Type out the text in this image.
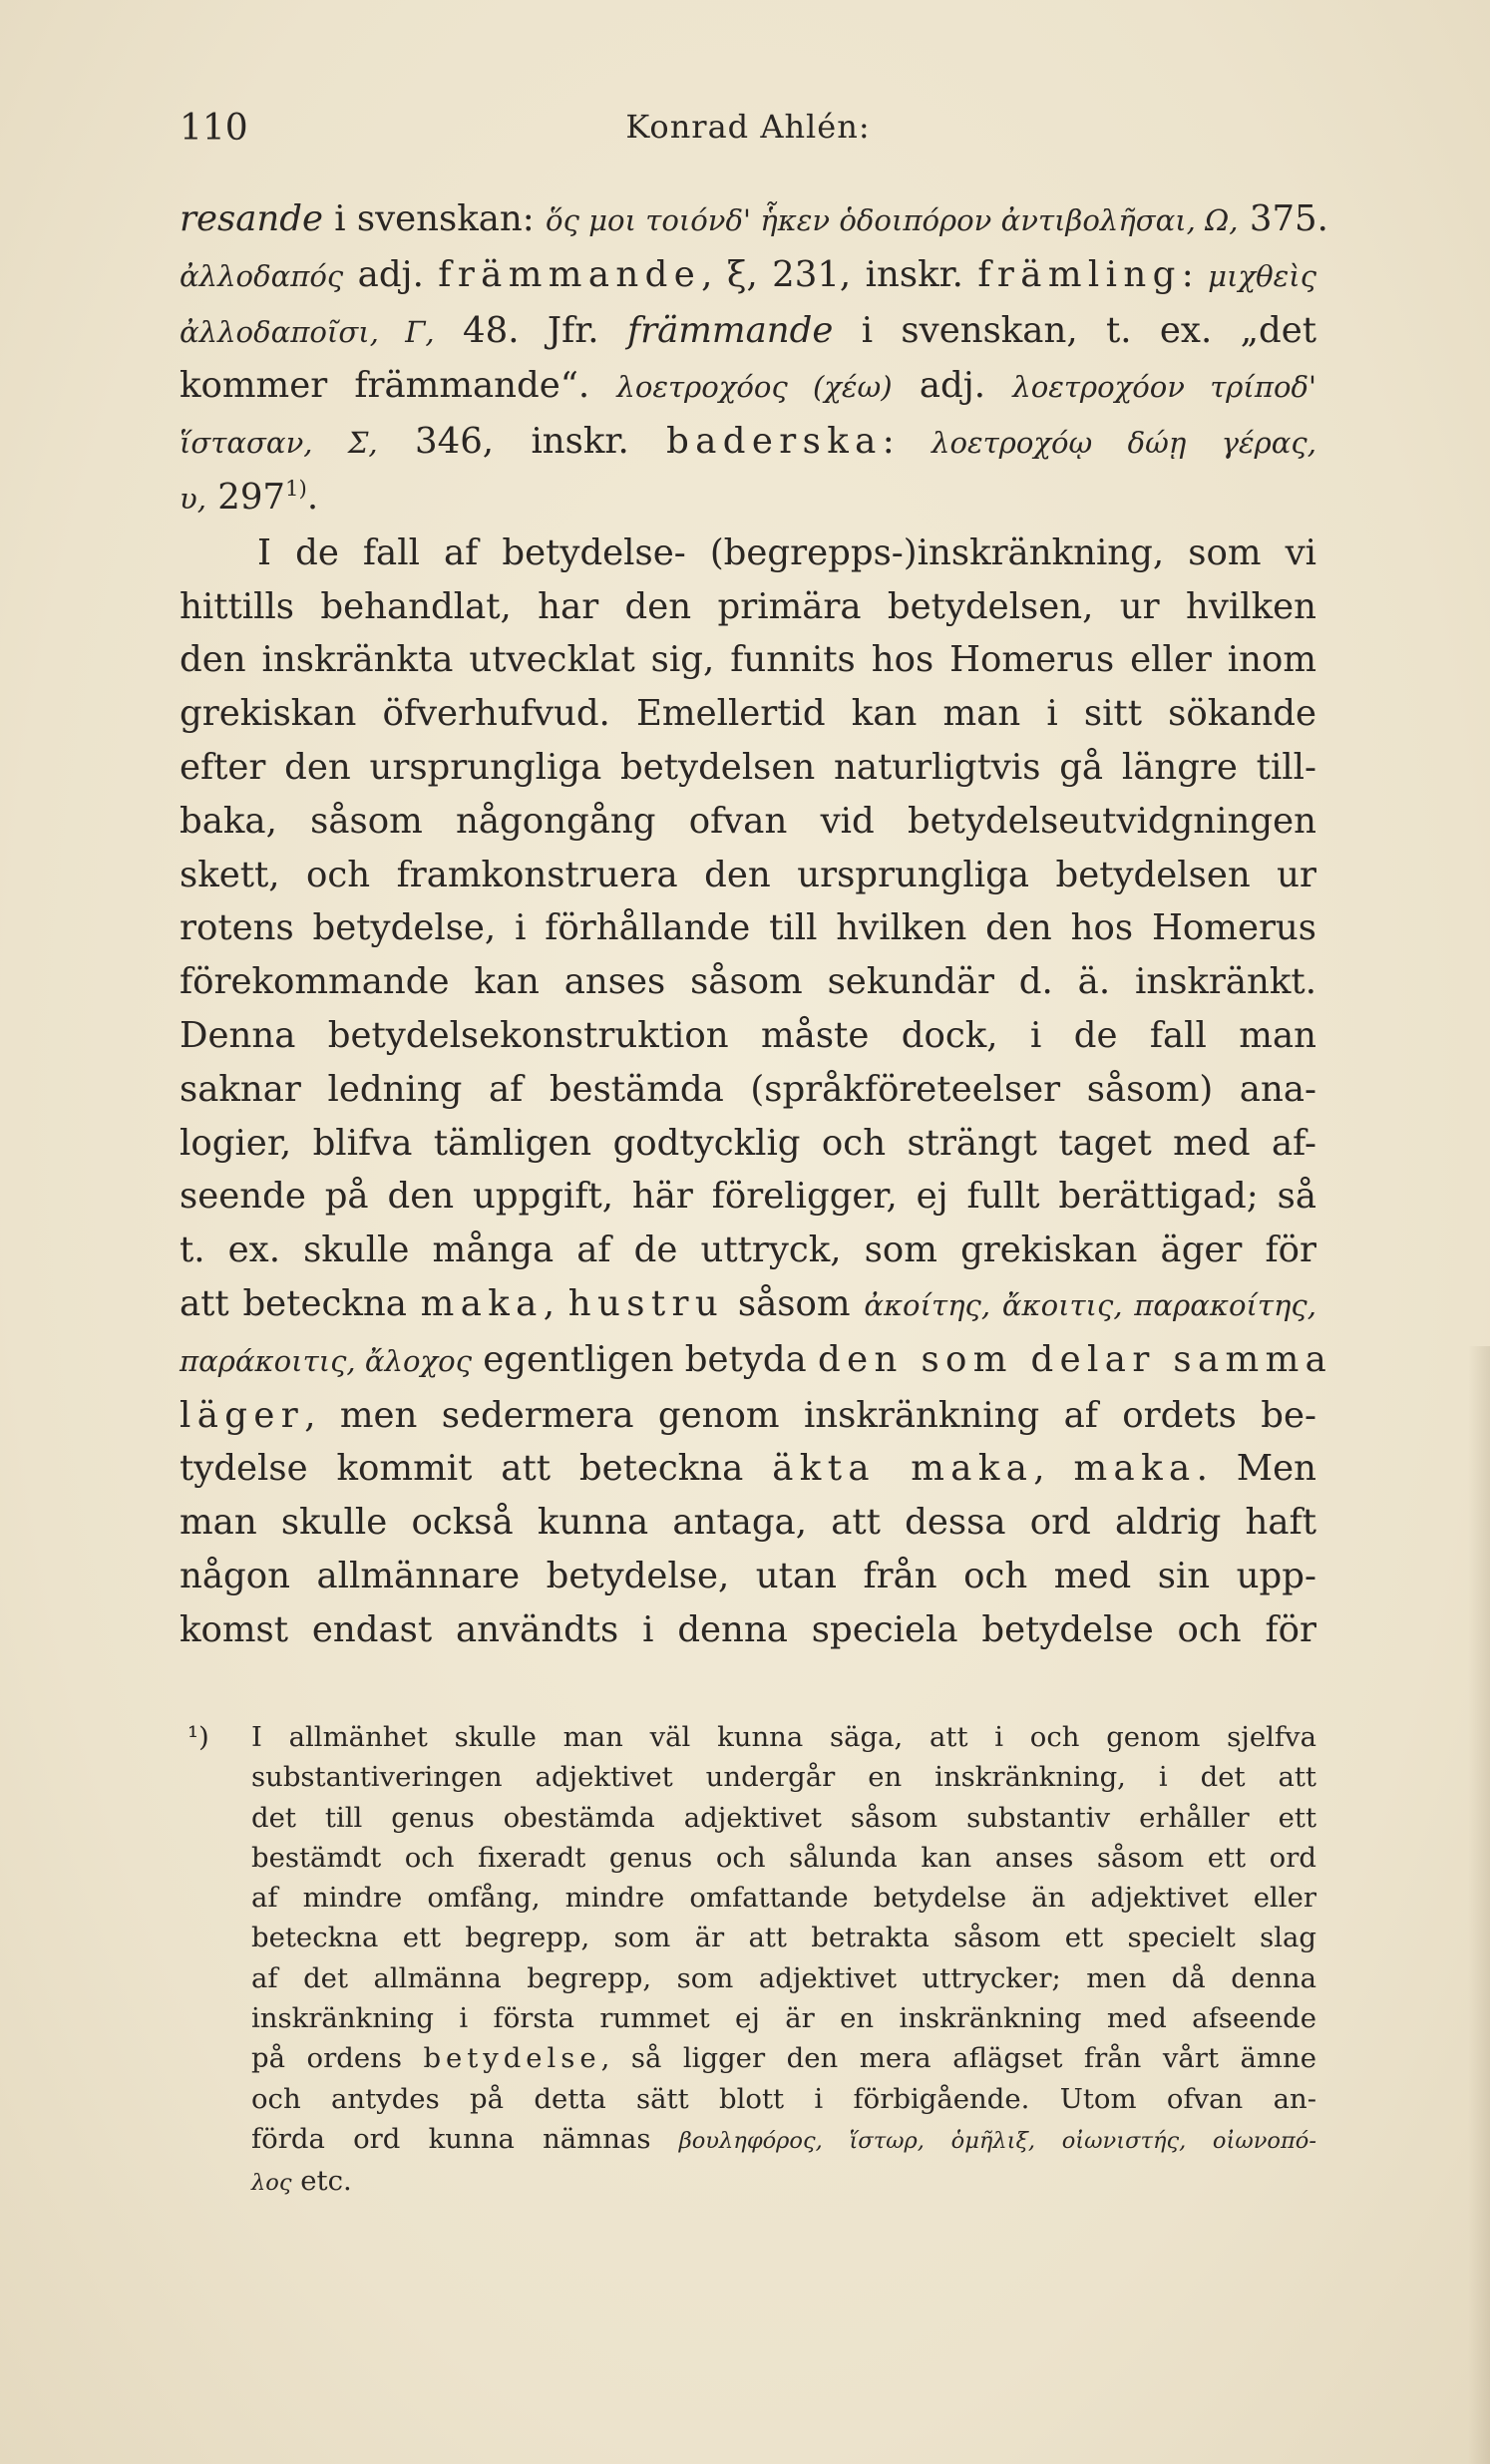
110	Konrad Ahlén:
resande i svenskan: ὅς μοι τοιόνδ' ἧκεν ὁδοιπόρον ἀντιβολῆσαι, Ω, 375.
ἀλλοδαπός adj. främmande, ξ, 231, inskr. främling: μιχθεὶς
ἀλλοδαποῖσι, Γ, 48. Jfr. främmande i svenskan, t. ex. „det
kommer främmande“. λοετροχόος (χέω) adj. λοετροχόον τρίποδ'
ἵστασαν, Σ, 346, inskr. baderska: λοετροχόῳ δώῃ γέρας,
υ, 297$^{1)}$.
I de fall af betydelse- (begrepps-)inskränkning, som vi
hittills behandlat, har den primära betydelsen, ur hvilken
den inskränkta utvecklat sig, funnits hos Homerus eller inom
grekiskan öfverhufvud. Emellertid kan man i sitt sökande
efter den ursprungliga betydelsen naturligtvis gå längre till-
baka, såsom någongång ofvan vid betydelseutvidgningen
skett, och framkonstruera den ursprungliga betydelsen ur
rotens betydelse, i förhållande till hvilken den hos Homerus
förekommande kan anses såsom sekundär d. ä. inskränkt.
Denna betydelsekonstruktion måste dock, i de fall man
saknar ledning af bestämda (språkföreteelser såsom) ana-
logier, blifva tämligen godtycklig och strängt taget med af-
seende på den uppgift, här föreligger, ej fullt berättigad; så
t. ex. skulle många af de uttryck, som grekiskan äger för
att beteckna maka, hustru såsom ἀκοίτης, ἄκοιτις, παρακοίτης,
παράκοιτις, ἄλοχος egentligen betyda den som delar samma
läger, men sedermera genom inskränkning af ordets be-
tydelse kommit att beteckna äkta maka, maka. Men
man skulle också kunna antaga, att dessa ord aldrig haft
någon allmännare betydelse, utan från och med sin upp-
komst endast användts i denna speciela betydelse och för
¹)	I allmänhet skulle man väl kunna säga, att i och genom sjelfva
substantiveringen adjektivet undergår en inskränkning, i det att
det till genus obestämda adjektivet såsom substantiv erhåller ett
bestämdt och fixeradt genus och sålunda kan anses såsom ett ord
af mindre omfång, mindre omfattande betydelse än adjektivet eller
beteckna ett begrepp, som är att betrakta såsom ett specielt slag
af det allmänna begrepp, som adjektivet uttrycker; men då denna
inskränkning i första rummet ej är en inskränkning med afseende
på ordens betydelse, så ligger den mera aflägset från vårt ämne
och antydes på detta sätt blott i förbigående. Utom ofvan an-
förda ord kunna nämnas βουληφόρος, ἵστωρ, ὁμῆλιξ, οἰωνιστής, οἰωνοπό-
λος etc.
